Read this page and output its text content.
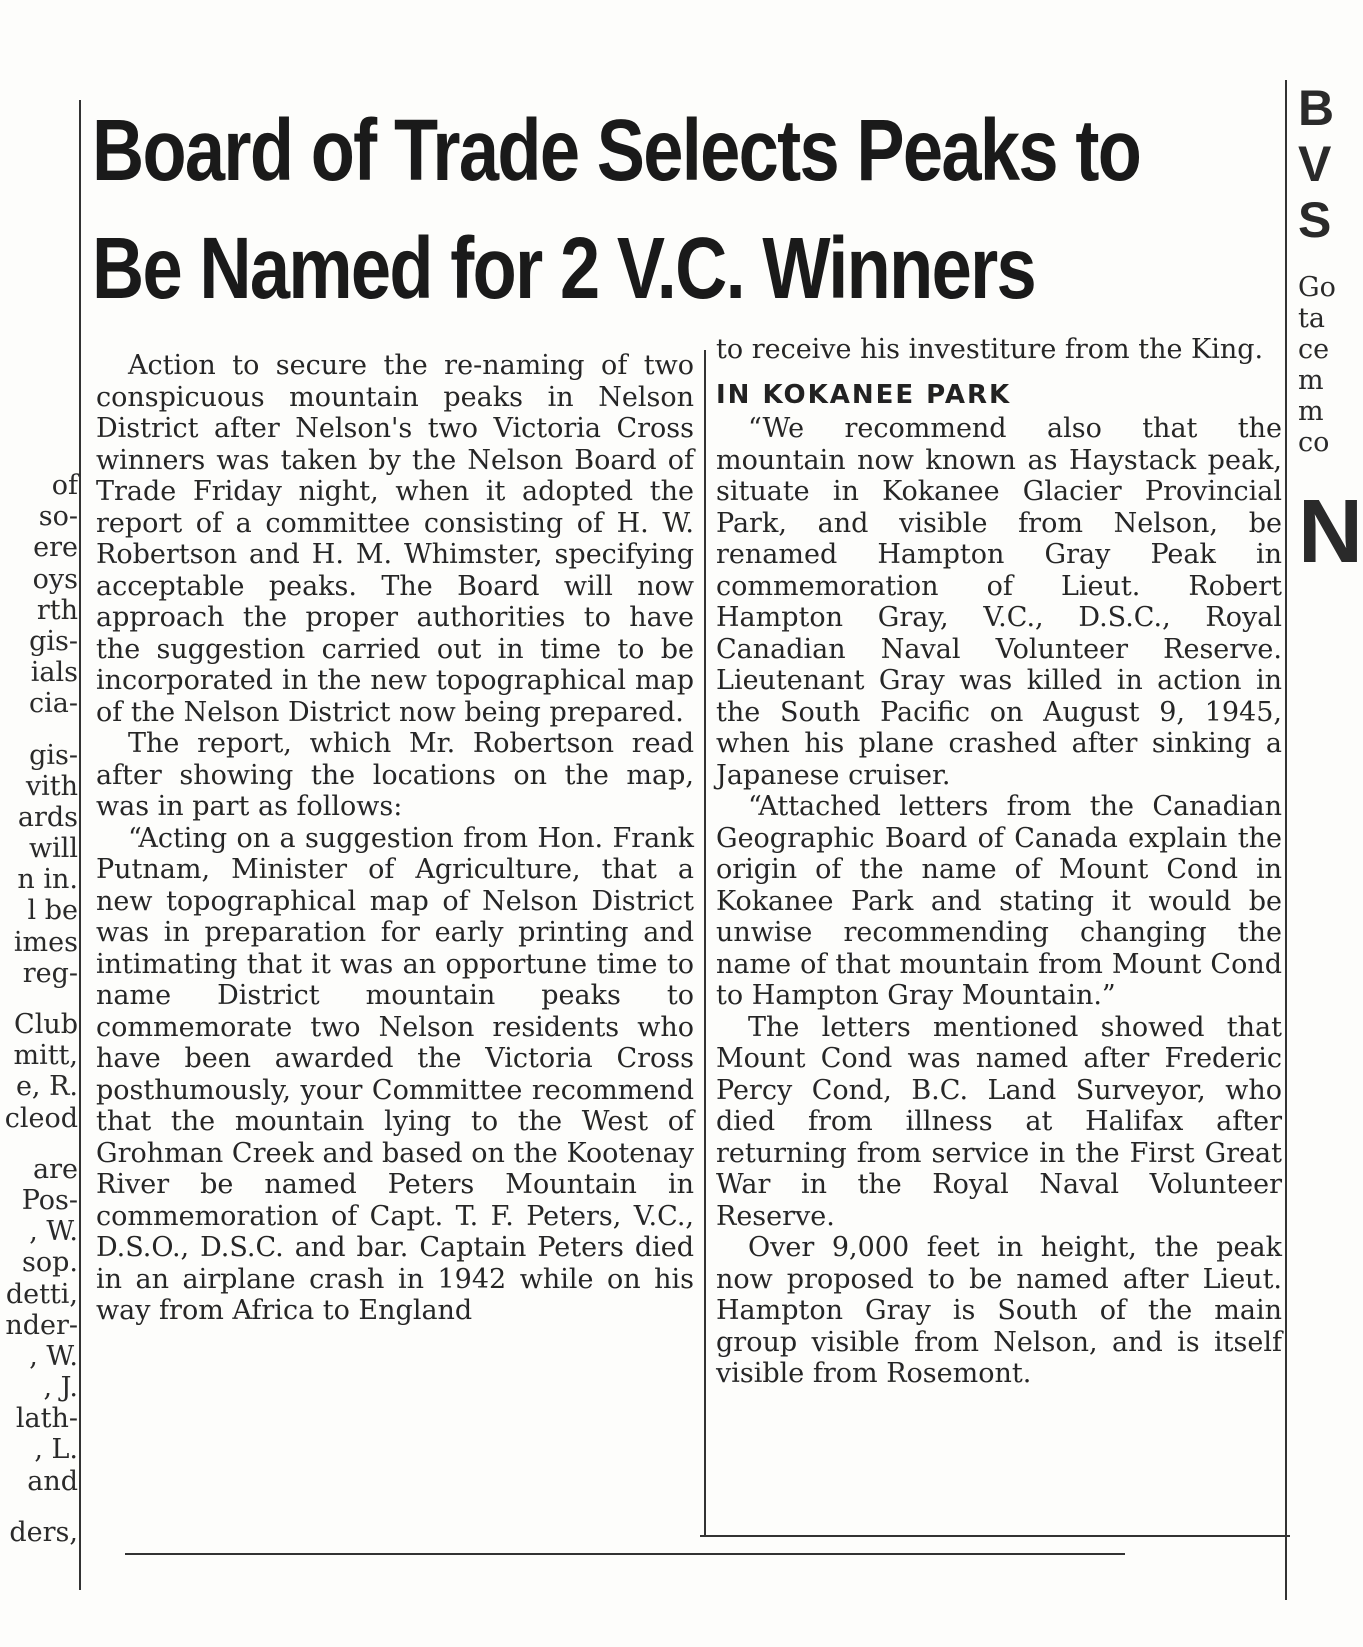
Board of Trade Selects Peaks to
Be Named for 2 V.C. Winners

Action to secure the re-naming of two conspicuous mountain peaks in Nelson District after Nelson's two Victoria Cross winners was taken by the Nelson Board of Trade Friday night, when it adopted the report of a committee consisting of H. W. Robertson and H. M. Whimster, specifying acceptable peaks. The Board will now approach the proper authorities to have the suggestion carried out in time to be incorporated in the new topographical map of the Nelson District now being prepared.

The report, which Mr. Robertson read after showing the locations on the map, was in part as follows:

“Acting on a suggestion from Hon. Frank Putnam, Minister of Agriculture, that a new topographical map of Nelson District was in preparation for early printing and intimating that it was an opportune time to name District mountain peaks to commemorate two Nelson residents who have been awarded the Victoria Cross posthumously, your Committee recommend that the mountain lying to the West of Grohman Creek and based on the Kootenay River be named Peters Mountain in commemoration of Capt. T. F. Peters, V.C., D.S.O., D.S.C. and bar. Captain Peters died in an airplane crash in 1942 while on his way from Africa to England

to receive his investiture from the King.

IN KOKANEE PARK

“We recommend also that the mountain now known as Haystack peak, situate in Kokanee Glacier Provincial Park, and visible from Nelson, be renamed Hampton Gray Peak in commemoration of Lieut. Robert Hampton Gray, V.C., D.S.C., Royal Canadian Naval Volunteer Reserve. Lieutenant Gray was killed in action in the South Pacific on August 9, 1945, when his plane crashed after sinking a Japanese cruiser.

“Attached letters from the Canadian Geographic Board of Canada explain the origin of the name of Mount Cond in Kokanee Park and stating it would be unwise recommending changing the name of that mountain from Mount Cond to Hampton Gray Mountain.”

The letters mentioned showed that Mount Cond was named after Frederic Percy Cond, B.C. Land Surveyor, who died from illness at Halifax after returning from service in the First Great War in the Royal Naval Volunteer Reserve.

Over 9,000 feet in height, the peak now proposed to be named after Lieut. Hampton Gray is South of the main group visible from Nelson, and is itself visible from Rosemont.

of
so-
ere
oys
rth
gis-
ials
cia-
gis-
vith
ards
will
n in.
l be
imes
reg-
Club
mitt,
e, R.
cleod
are
Pos-
, W.
sop.
detti,
nder-
, W.
, J.
lath-
, L.
and
ders,
B
V
S
Go
ta
ce
m
m
co
N
